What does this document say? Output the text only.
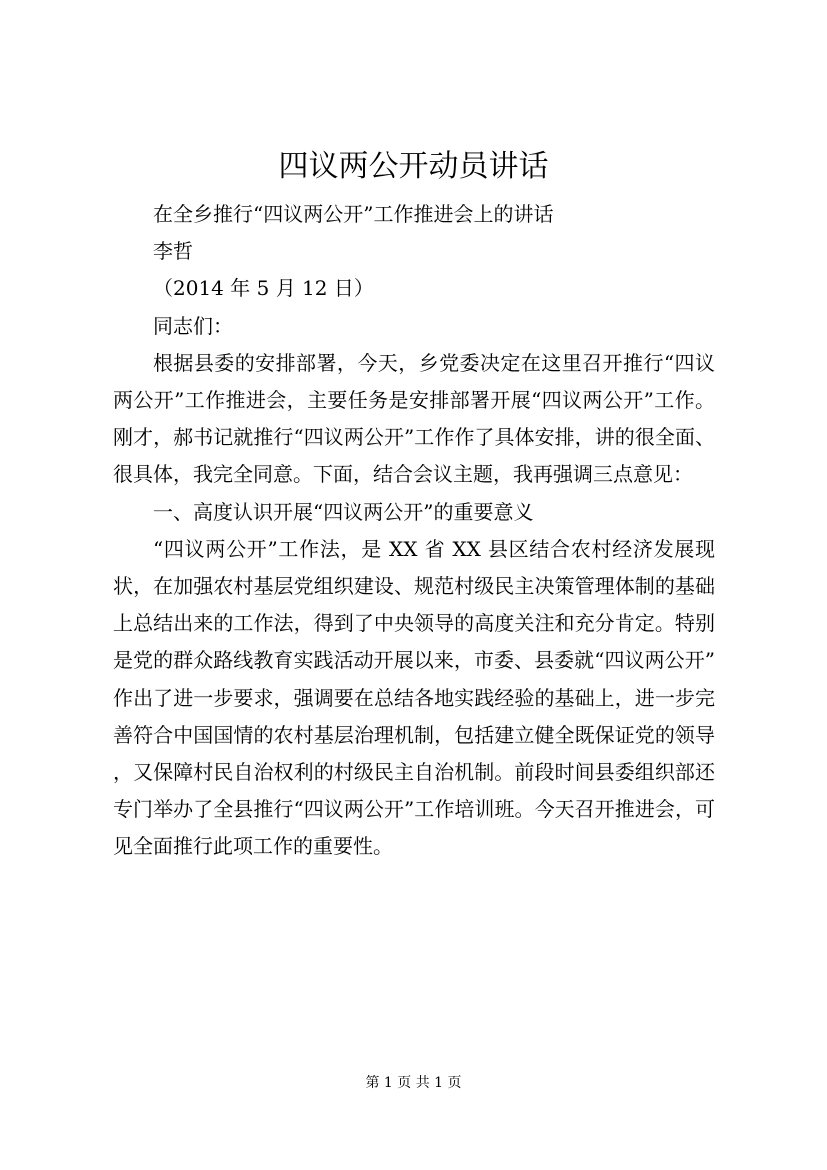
四议两公开动员讲话

在全乡推行“四议两公开”工作推进会上的讲话

李哲

（2014 年 5 月 12 日）

同志们：

根据县委的安排部署，今天，乡党委决定在这里召开推行“四议两公开”工作推进会，主要任务是安排部署开展“四议两公开”工作。刚才，郝书记就推行“四议两公开”工作作了具体安排，讲的很全面、很具体，我完全同意。下面，结合会议主题，我再强调三点意见：

一、高度认识开展“四议两公开”的重要意义

“四议两公开”工作法，是 XX 省 XX 县区结合农村经济发展现状，在加强农村基层党组织建设、规范村级民主决策管理体制的基础上总结出来的工作法，得到了中央领导的高度关注和充分肯定。特别是党的群众路线教育实践活动开展以来，市委、县委就“四议两公开”作出了进一步要求，强调要在总结各地实践经验的基础上，进一步完善符合中国国情的农村基层治理机制，包括建立健全既保证党的领导，又保障村民自治权利的村级民主自治机制。前段时间县委组织部还专门举办了全县推行“四议两公开”工作培训班。今天召开推进会，可见全面推行此项工作的重要性。

第 1 页 共 1 页
